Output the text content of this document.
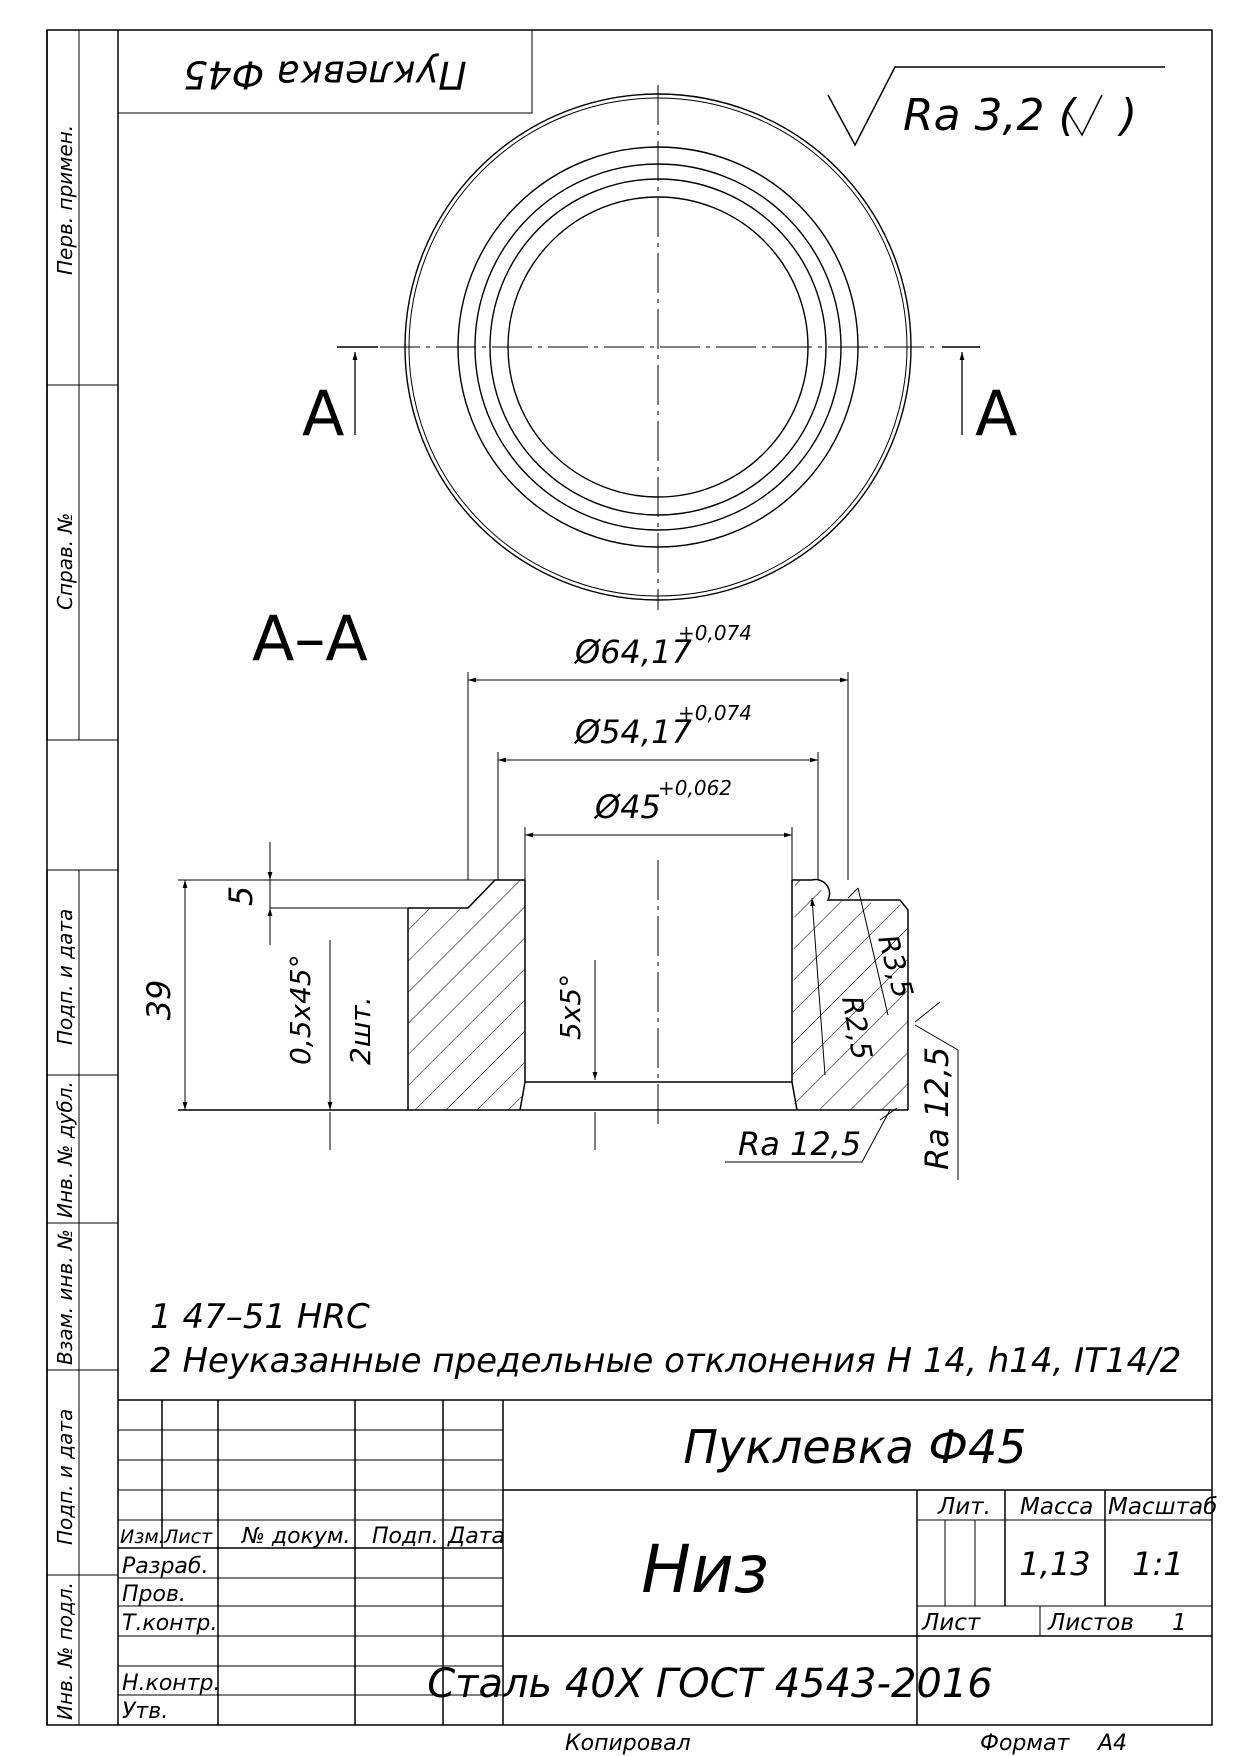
Перв. примен.
Справ. №
Подп. и дата
Инв. № дубл.
Взам. инв. №
Подп. и дата
Инв. № подл.
Пуклевка Ф45
Ra 3,2 ( )
А	А
А–А	Ø64,17
+0,074
Ø54,17
+0,074
Ø45
+0,062
39
5
0,5x45° 2шт.	5x5°	R2,5
R3,5
Ra 12,5 Ra 12,5
1 47–51 HRC
2 Неуказанные предельные отклонения H 14, h14, IT14/2
Пуклевка Ф45
Низ
Сталь 40Х ГОСТ 4543-2016
Изм. Лист № докум. Подп. Дата
Разраб.
Пров.
Т.контр.
Н.контр.
Утв.
Лит. Масса Масштаб
1,13 1:1
Лист	Листов 1
Копировал	Формат А4
